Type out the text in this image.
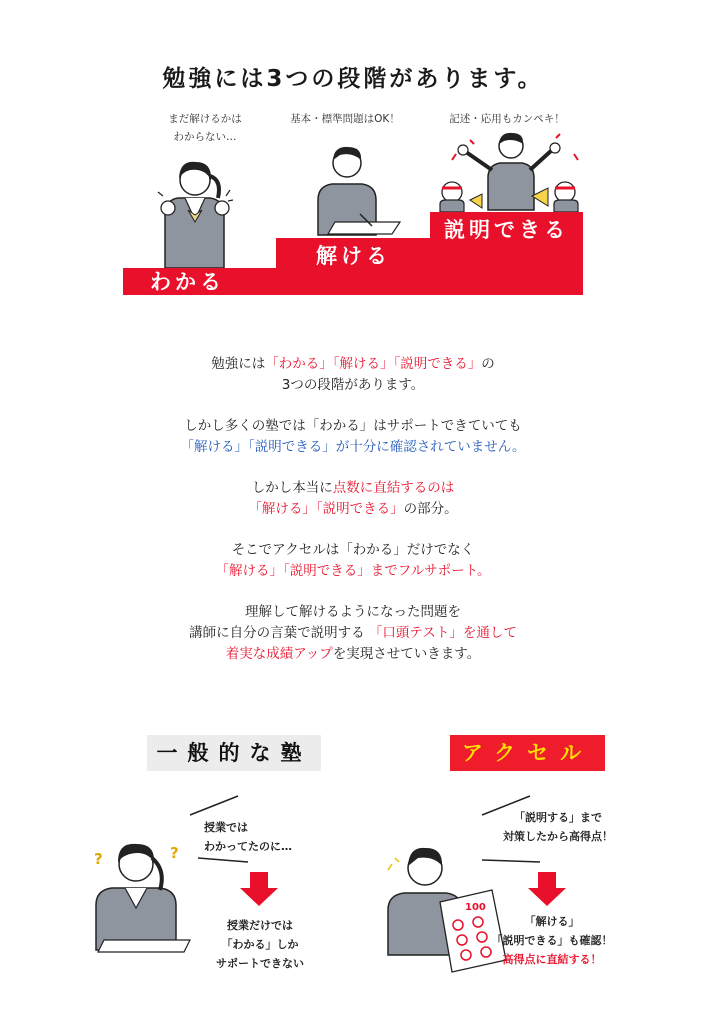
勉強には3つの段階があります。
まだ解けるかは
わからない…
基本・標準問題はOK！	記述・応用もカンペキ！
わかる
解ける
説明できる
勉強には「わかる」「解ける」「説明できる」の
3つの段階があります。
しかし多くの塾では「わかる」はサポートできていても
「解ける」「説明できる」が十分に確認されていません。
しかし本当に点数に直結するのは
「解ける」「説明できる」の部分。
そこでアクセルは「わかる」だけでなく
「解ける」「説明できる」までフルサポート。
理解して解けるようになった問題を
講師に自分の言葉で説明する 「口頭テスト」を通して
着実な成績アップを実現させていきます。
一般的な塾	アクセル
?	?
100
授業では
わかってたのに…
授業だけでは
「わかる」しか
サポートできない
「説明する」まで
対策したから高得点！
「解ける」
「説明できる」も確認！
高得点に直結する！
